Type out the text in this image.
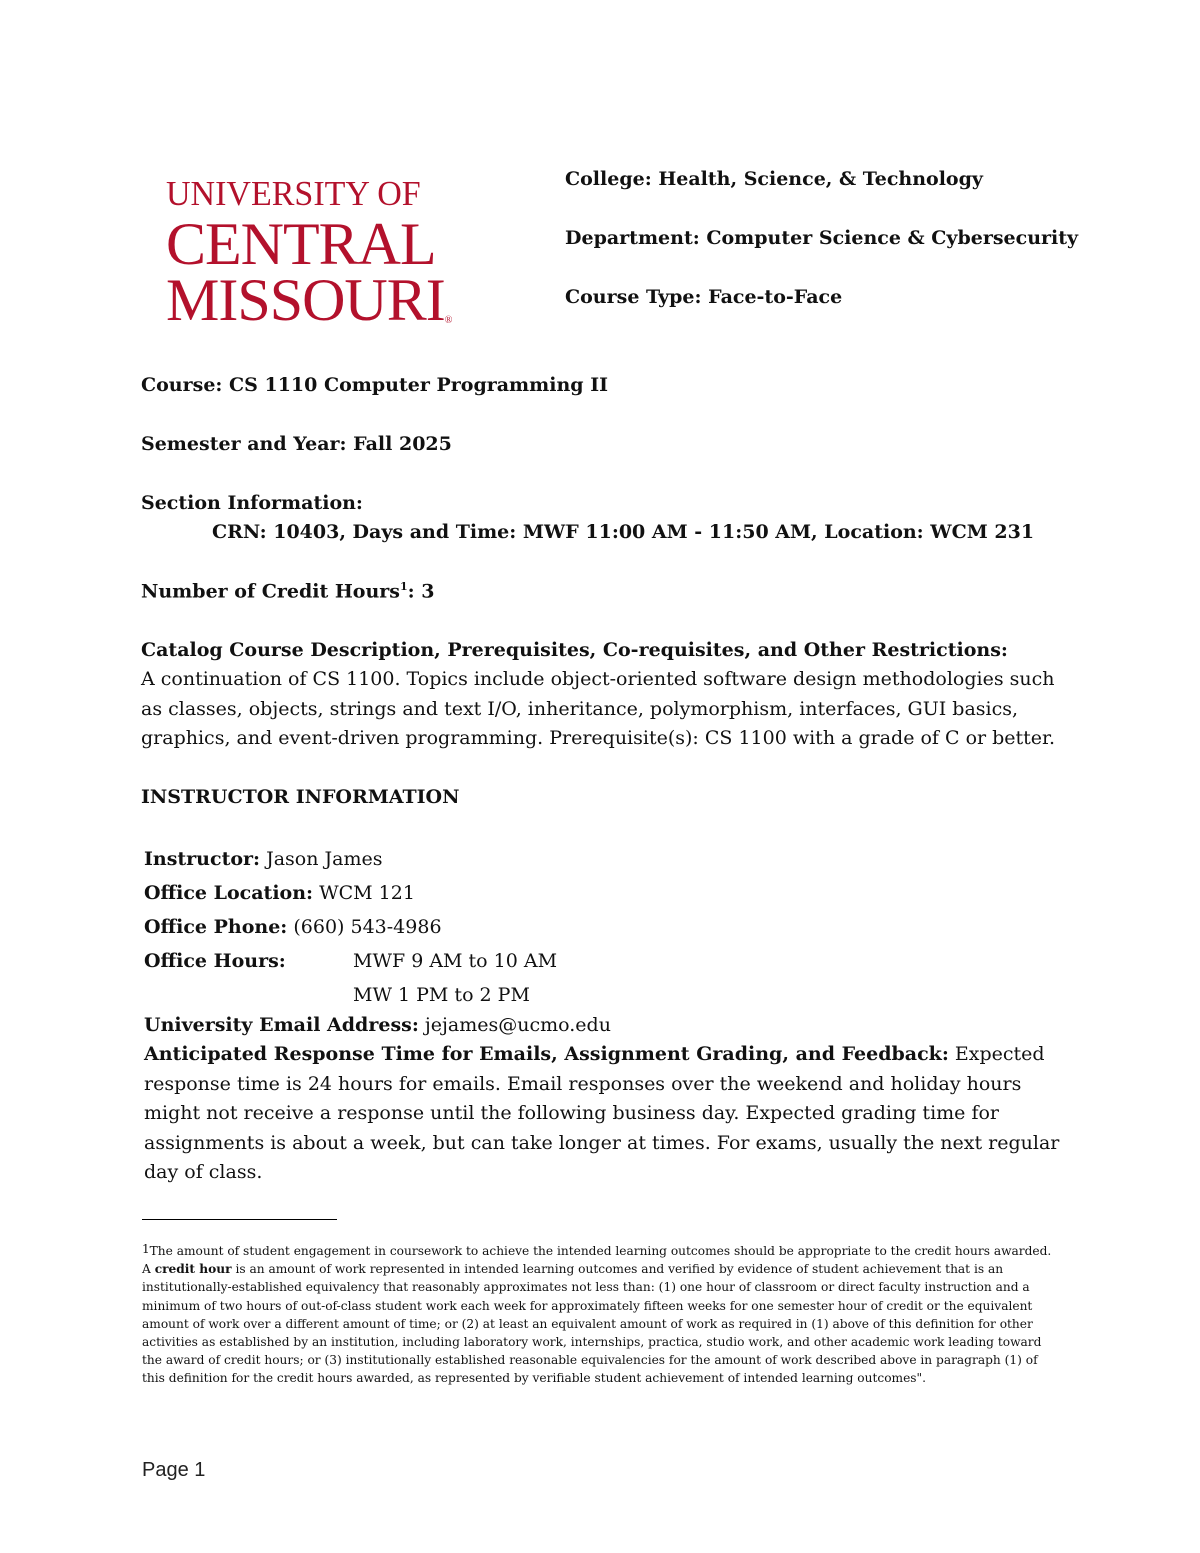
UNIVERSITY OF
CENTRAL
MISSOURI®
College: Health, Science, & Technology
Department: Computer Science & Cybersecurity
Course Type: Face-to-Face
Course: CS 1110 Computer Programming II
Semester and Year: Fall 2025
Section Information:
CRN: 10403, Days and Time: MWF 11:00 AM - 11:50 AM, Location: WCM 231
Number of Credit Hours$^1$: 3
Catalog Course Description, Prerequisites, Co-requisites, and Other Restrictions:
A continuation of CS 1100. Topics include object-oriented software design methodologies such as classes, objects, strings and text I/O, inheritance, polymorphism, interfaces, GUI basics, graphics, and event-driven programming. Prerequisite(s): CS 1100 with a grade of C or better.
INSTRUCTOR INFORMATION
Instructor: Jason James
Office Location: WCM 121
Office Phone: (660) 543-4986
Office Hours:	MWF 9 AM to 10 AM
MW 1 PM to 2 PM
University Email Address: jejames@ucmo.edu
Anticipated Response Time for Emails, Assignment Grading, and Feedback: Expected response time is 24 hours for emails. Email responses over the weekend and holiday hours might not receive a response until the following business day. Expected grading time for assignments is about a week, but can take longer at times. For exams, usually the next regular day of class.
$^1$The amount of student engagement in coursework to achieve the intended learning outcomes should be appropriate to the credit hours awarded. A credit hour is an amount of work represented in intended learning outcomes and verified by evidence of student achievement that is an institutionally-established equivalency that reasonably approximates not less than: (1) one hour of classroom or direct faculty instruction and a minimum of two hours of out-of-class student work each week for approximately fifteen weeks for one semester hour of credit or the equivalent amount of work over a different amount of time; or (2) at least an equivalent amount of work as required in (1) above of this definition for other activities as established by an institution, including laboratory work, internships, practica, studio work, and other academic work leading toward the award of credit hours; or (3) institutionally established reasonable equivalencies for the amount of work described above in paragraph (1) of this definition for the credit hours awarded, as represented by verifiable student achievement of intended learning outcomes".
Page 1
